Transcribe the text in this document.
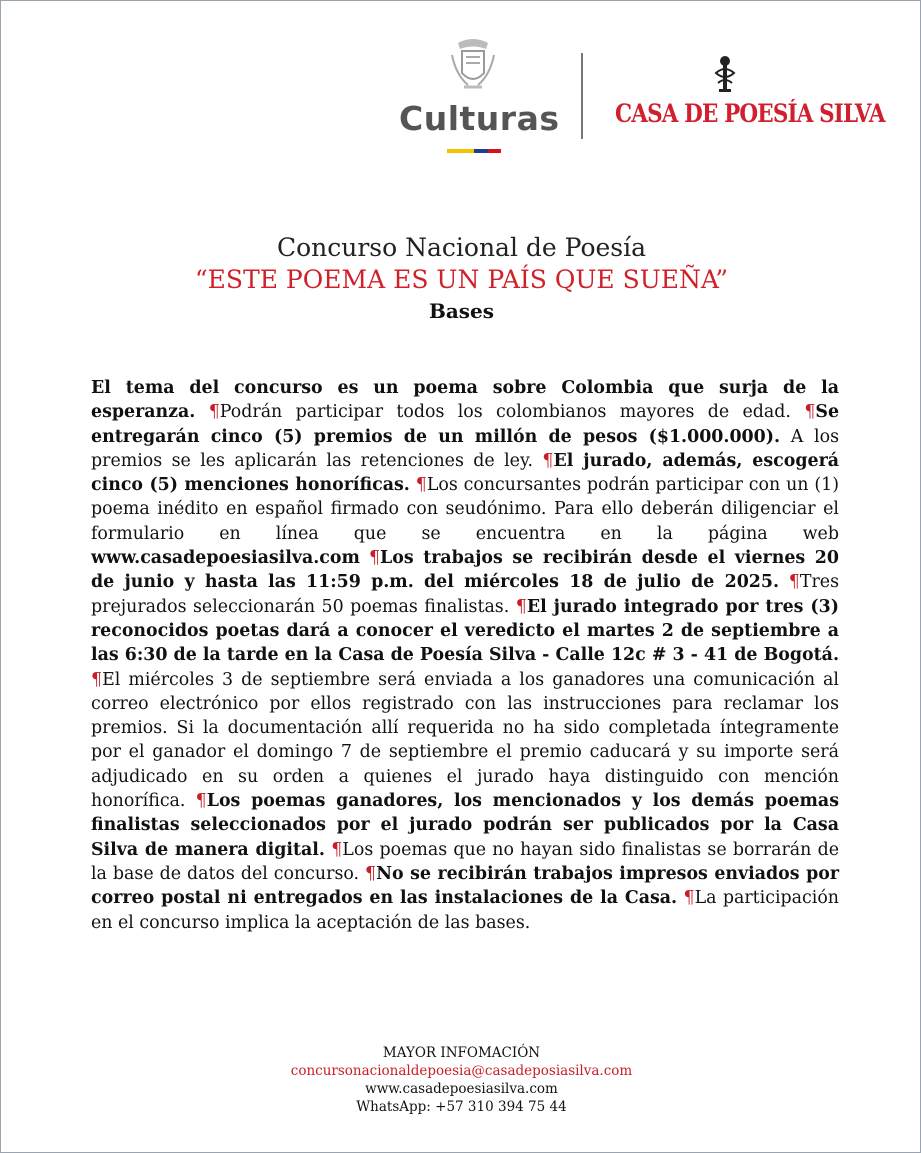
Culturas CASA DE POESÍA SILVA
Concurso Nacional de Poesía
“ESTE POEMA ES UN PAÍS QUE SUEÑA”
Bases
El tema del concurso es un poema sobre Colombia que surja de la esperanza. ¶Podrán participar todos los colombianos mayores de edad. ¶Se entregarán cinco (5) premios de un millón de pesos ($1.000.000). A los premios se les aplicarán las retenciones de ley. ¶El jurado, además, escogerá cinco (5) menciones honoríficas. ¶Los concursantes podrán participar con un (1) poema inédito en español firmado con seudónimo. Para ello deberán diligenciar el formulario en línea que se encuentra en la página web www.casadepoesiasilva.com ¶Los trabajos se recibirán desde el viernes 20 de junio y hasta las 11:59 p.m. del miércoles 18 de julio de 2025. ¶Tres prejurados seleccionarán 50 poemas finalistas. ¶El jurado integrado por tres (3) reconocidos poetas dará a conocer el veredicto el martes 2 de septiembre a las 6:30 de la tarde en la Casa de Poesía Silva - Calle 12c # 3 - 41 de Bogotá. ¶El miércoles 3 de septiembre será enviada a los ganadores una comunicación al correo electrónico por ellos registrado con las instrucciones para reclamar los premios. Si la documentación allí requerida no ha sido completada íntegramente por el ganador el domingo 7 de septiembre el premio caducará y su importe será adjudicado en su orden a quienes el jurado haya distinguido con mención honorífica. ¶Los poemas ganadores, los mencionados y los demás poemas finalistas seleccionados por el jurado podrán ser publicados por la Casa Silva de manera digital. ¶Los poemas que no hayan sido finalistas se borrarán de la base de datos del concurso. ¶No se recibirán trabajos impresos enviados por correo postal ni entregados en las instalaciones de la Casa. ¶La participación en el concurso implica la aceptación de las bases.
MAYOR INFOMACIÓN
concursonacionaldepoesia@casadeposiasilva.com
www.casadepoesiasilva.com
WhatsApp: +57 310 394 75 44
